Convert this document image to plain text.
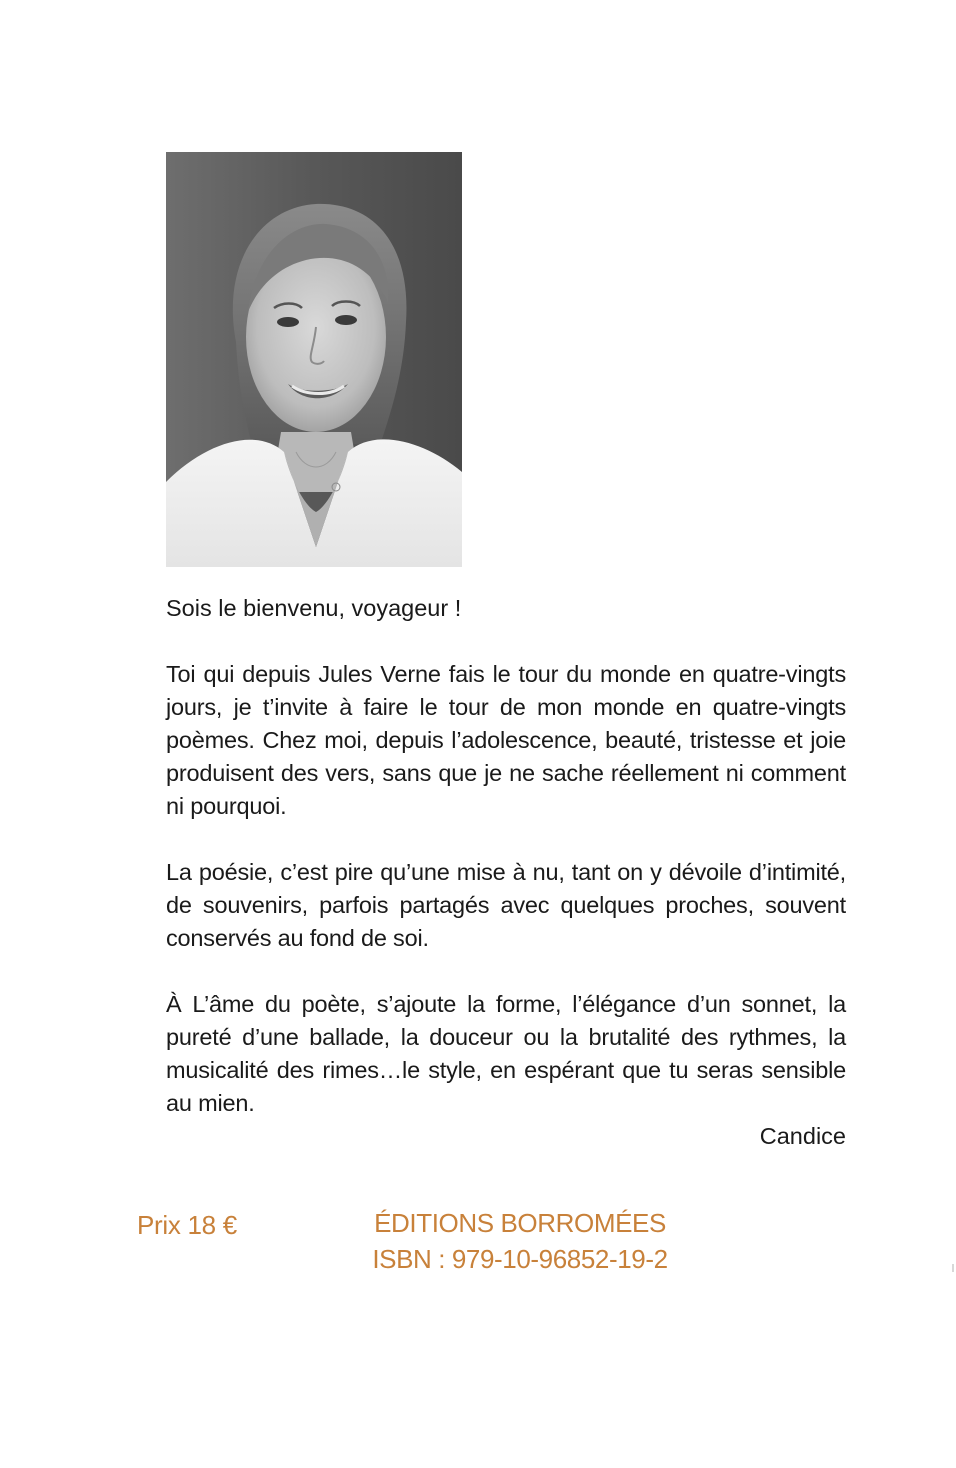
Sois le bienvenu, voyageur !

Toi qui depuis Jules Verne fais le tour du monde en quatre-vingts jours, je t’invite à faire le tour de mon monde en quatre-vingts poèmes. Chez moi, depuis l’adolescence, beauté, tristesse et joie produisent des vers, sans que je ne sache réellement ni comment ni pourquoi.

La poésie, c’est pire qu’une mise à nu, tant on y dévoile d’intimité, de souvenirs, parfois partagés avec quelques proches, souvent conservés au fond de soi.

À L’âme du poète, s’ajoute la forme, l’élégance d’un sonnet, la pureté d’une ballade, la douceur ou la brutalité des rythmes, la musicalité des rimes…le style, en espérant que tu seras sensible au mien.

Candice

Prix 18 €	ÉDITIONS BORROMÉES
ISBN : 979-10-96852-19-2
